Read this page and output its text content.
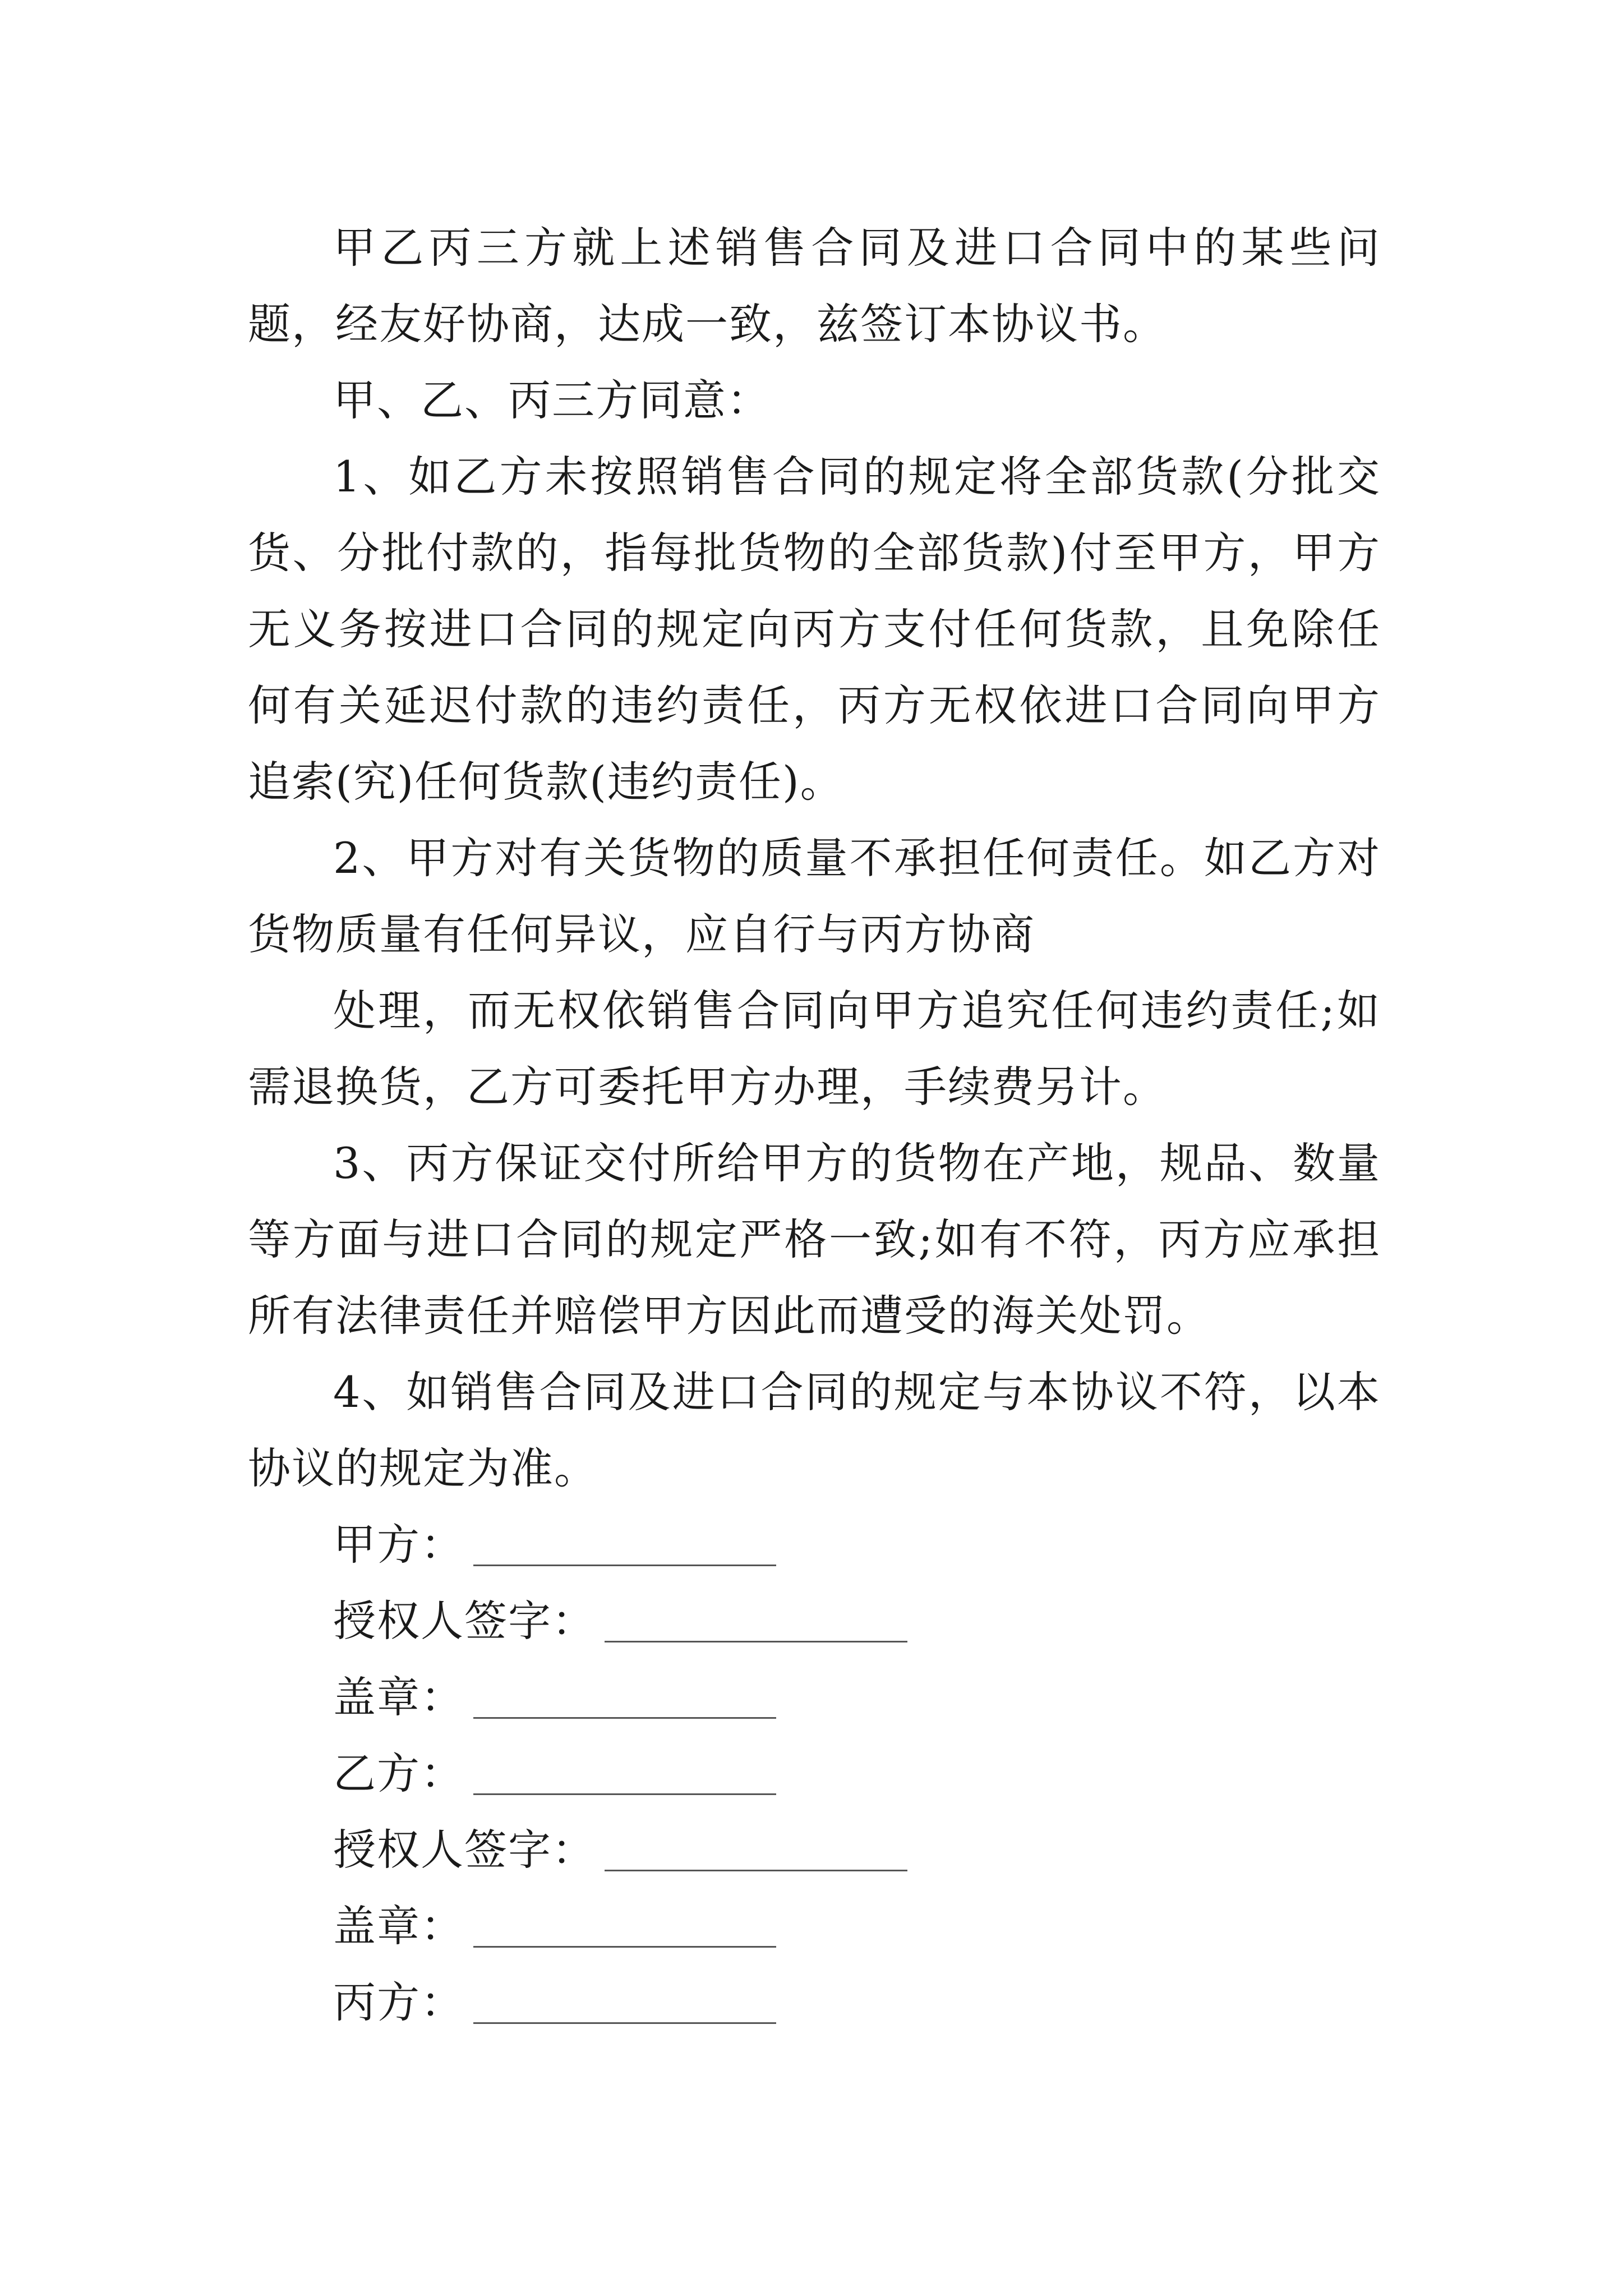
甲乙丙三方就上述销售合同及进口合同中的某些问题，经友好协商，达成一致，兹签订本协议书。

甲、乙、丙三方同意：

1、如乙方未按照销售合同的规定将全部货款(分批交货、分批付款的，指每批货物的全部货款)付至甲方，甲方无义务按进口合同的规定向丙方支付任何货款，且免除任何有关延迟付款的违约责任，丙方无权依进口合同向甲方追索(究)任何货款(违约责任)。

2、甲方对有关货物的质量不承担任何责任。如乙方对货物质量有任何异议，应自行与丙方协商

处理，而无权依销售合同向甲方追究任何违约责任;如需退换货，乙方可委托甲方办理，手续费另计。

3、丙方保证交付所给甲方的货物在产地，规品、数量等方面与进口合同的规定严格一致;如有不符，丙方应承担所有法律责任并赔偿甲方因此而遭受的海关处罚。

4、如销售合同及进口合同的规定与本协议不符，以本协议的规定为准。

甲方：
授权人签字：
盖章：
乙方：
授权人签字：
盖章：
丙方：
